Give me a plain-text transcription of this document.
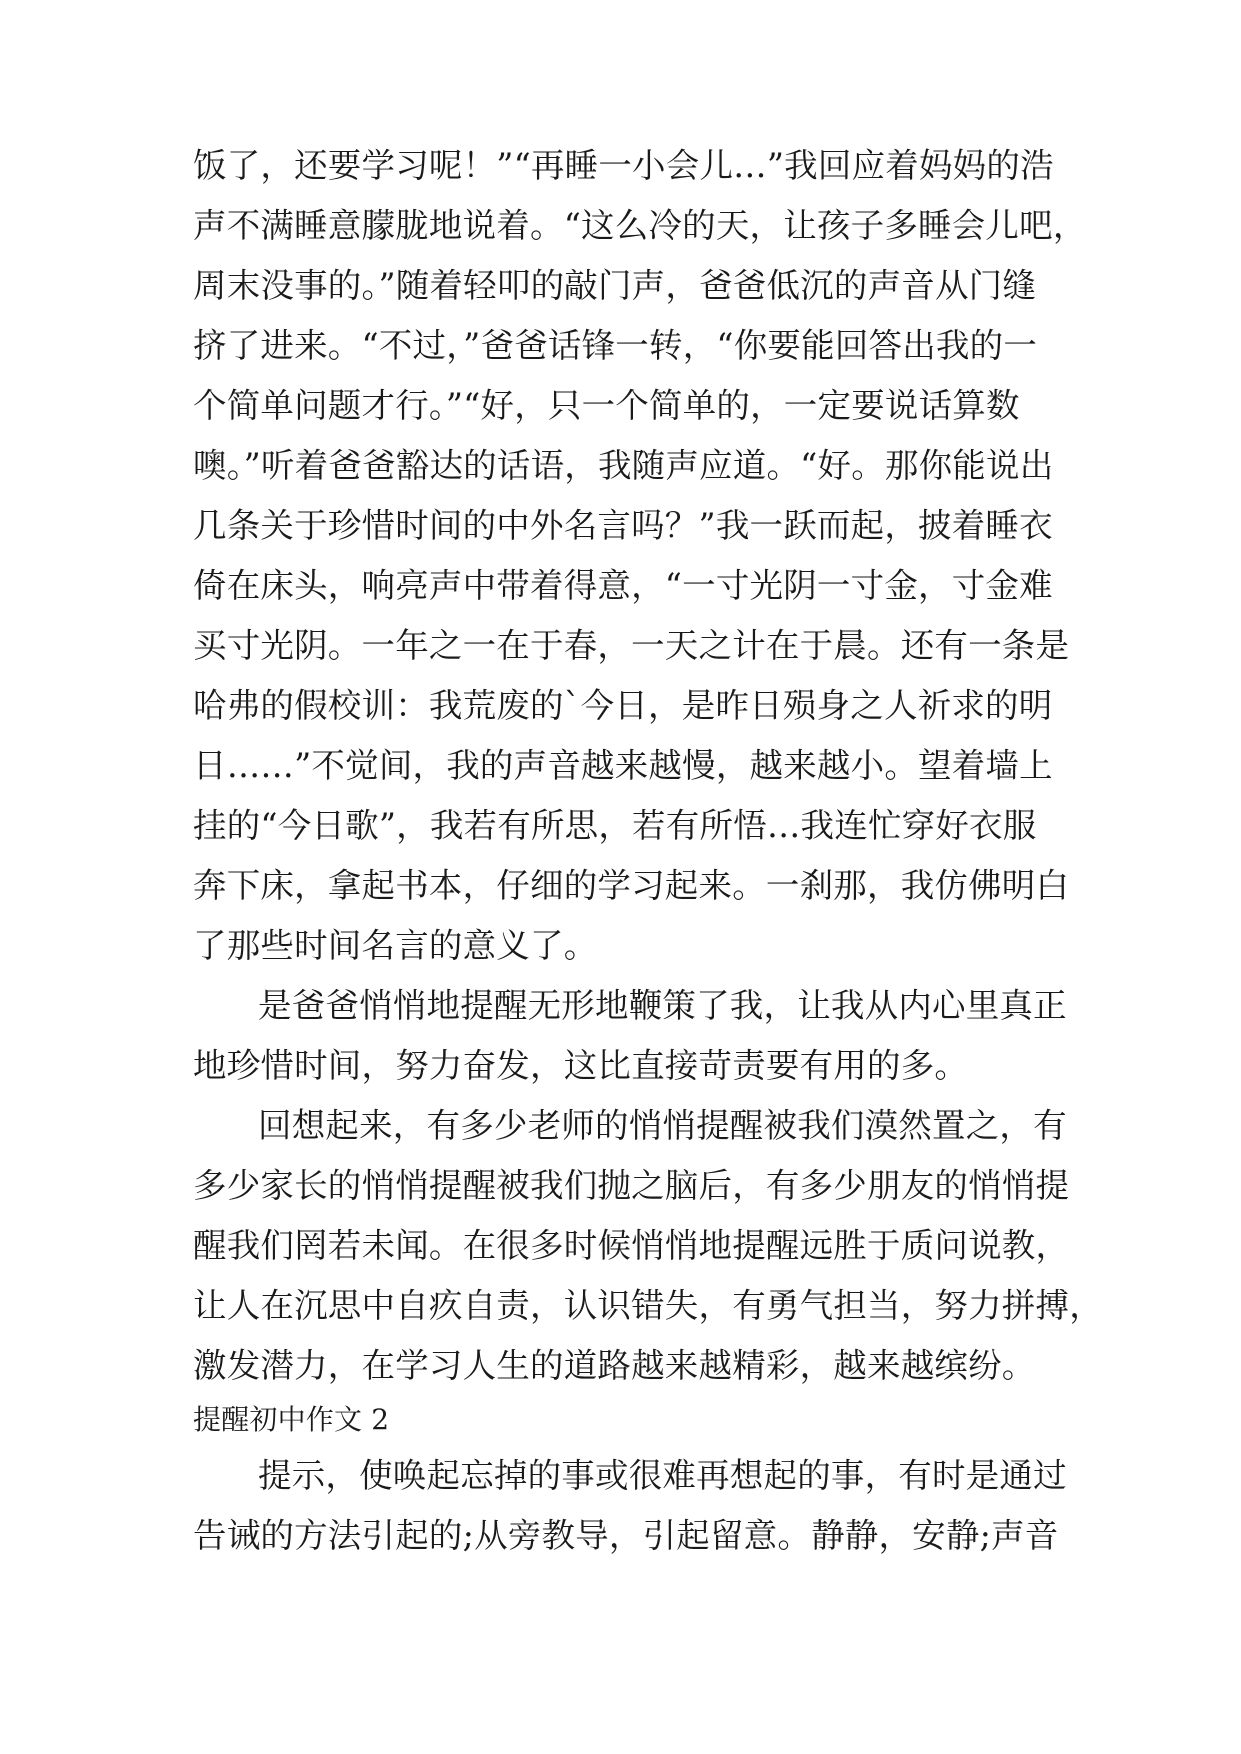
饭了，还要学习呢！”“再睡一小会儿…”我回应着妈妈的浩
声不满睡意朦胧地说着。“这么冷的天，让孩子多睡会儿吧，
周末没事的。”随着轻叩的敲门声，爸爸低沉的声音从门缝
挤了进来。“不过，”爸爸话锋一转，“你要能回答出我的一
个简单问题才行。”“好，只一个简单的，一定要说话算数
噢。”听着爸爸豁达的话语，我随声应道。“好。那你能说出
几条关于珍惜时间的中外名言吗？”我一跃而起，披着睡衣
倚在床头，响亮声中带着得意，“一寸光阴一寸金，寸金难
买寸光阴。一年之一在于春，一天之计在于晨。还有一条是
哈弗的假校训：我荒废的`今日，是昨日殒身之人祈求的明
日……”不觉间，我的声音越来越慢，越来越小。望着墙上
挂的“今日歌”，我若有所思，若有所悟…我连忙穿好衣服
奔下床，拿起书本，仔细的学习起来。一刹那，我仿佛明白
了那些时间名言的意义了。
是爸爸悄悄地提醒无形地鞭策了我，让我从内心里真正
地珍惜时间，努力奋发，这比直接苛责要有用的多。
回想起来，有多少老师的悄悄提醒被我们漠然置之，有
多少家长的悄悄提醒被我们抛之脑后，有多少朋友的悄悄提
醒我们罔若未闻。在很多时候悄悄地提醒远胜于质问说教，
让人在沉思中自疚自责，认识错失，有勇气担当，努力拼搏，
激发潜力，在学习人生的道路越来越精彩，越来越缤纷。
提醒初中作文 2
提示，使唤起忘掉的事或很难再想起的事，有时是通过
告诫的方法引起的;从旁教导，引起留意。静静，安静;声音
